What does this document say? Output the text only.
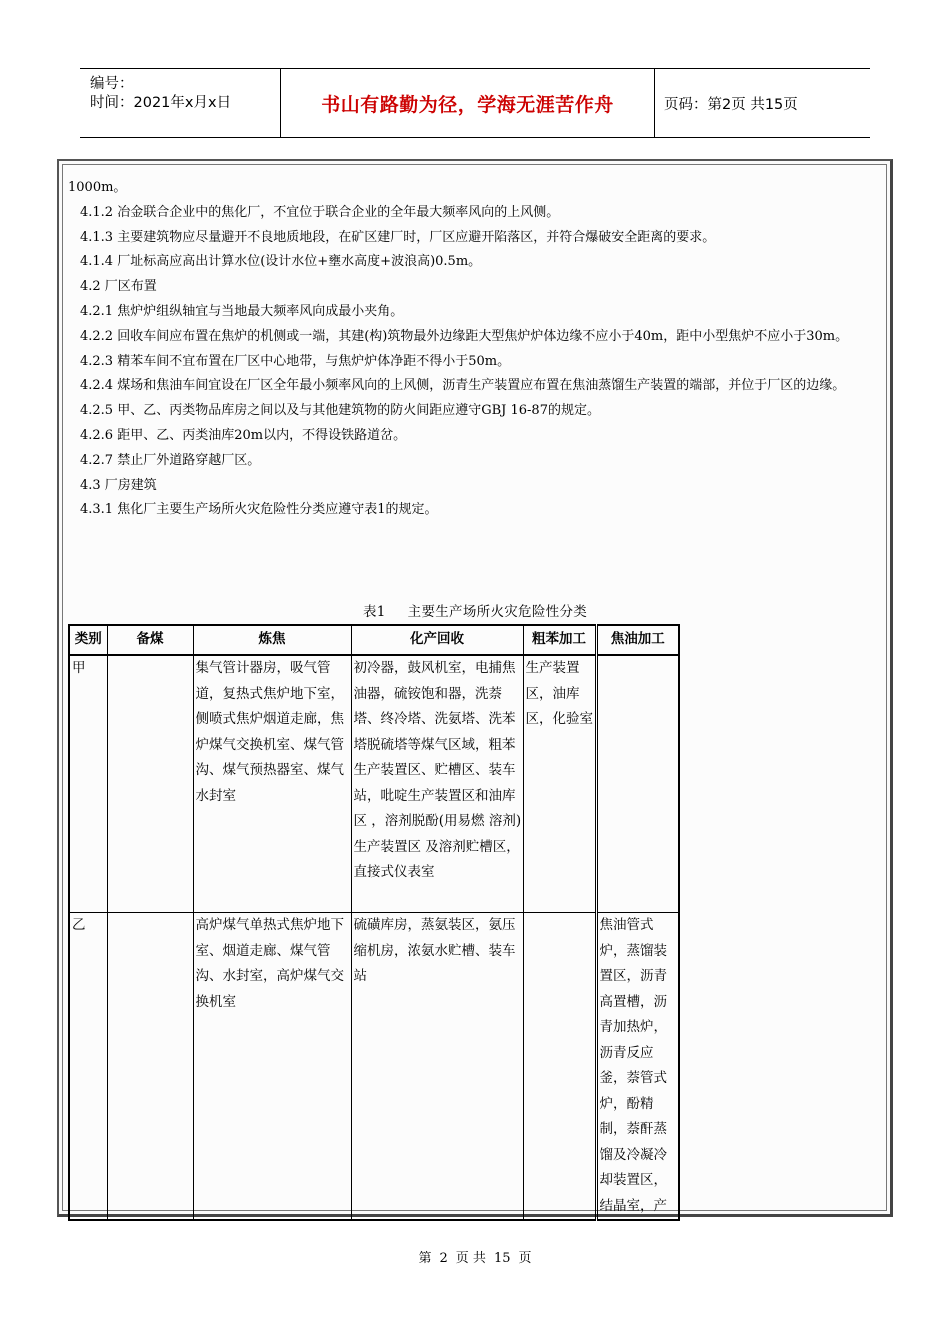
编号：
时间：2021年x月x日	书山有路勤为径，学海无涯苦作舟	页码：第2页 共15页

1000m。

4.1.2 冶金联合企业中的焦化厂，不宜位于联合企业的全年最大频率风向的上风侧。

4.1.3 主要建筑物应尽量避开不良地质地段，在矿区建厂时，厂区应避开陷落区，并符合爆破安全距离的要求。

4.1.4 厂址标高应高出计算水位(设计水位+壅水高度+波浪高)0.5m。

4.2 厂区布置

4.2.1 焦炉炉组纵轴宜与当地最大频率风向成最小夹角。

4.2.2 回收车间应布置在焦炉的机侧或一端，其建(构)筑物最外边缘距大型焦炉炉体边缘不应小于40m，距中小型焦炉不应小于30m。

4.2.3 精苯车间不宜布置在厂区中心地带，与焦炉炉体净距不得小于50m。

4.2.4 煤场和焦油车间宜设在厂区全年最小频率风向的上风侧，沥青生产装置应布置在焦油蒸馏生产装置的端部，并位于厂区的边缘。

4.2.5 甲、乙、丙类物品库房之间以及与其他建筑物的防火间距应遵守GBJ 16-87的规定。

4.2.6 距甲、乙、丙类油库20m以内，不得设铁路道岔。

4.2.7 禁止厂外道路穿越厂区。

4.3 厂房建筑

4.3.1 焦化厂主要生产场所火灾危险性分类应遵守表1的规定。

表1 主要生产场所火灾危险性分类
类别	备煤	炼焦	化产回收	粗苯加工	焦油加工
甲		集气管计器房，吸气管道，复热式焦炉地下室，侧喷式焦炉烟道走廊，焦炉煤气交换机室、煤气管沟、煤气预热器室、煤气水封室	初冷器，鼓风机室，电捕焦油器，硫铵饱和器，洗萘塔、终冷塔、洗氨塔、洗苯塔脱硫塔等煤气区域，粗苯生产装置区、贮槽区、装车站，吡啶生产装置区和油库区 ，溶剂脱酚(用易燃 溶剂)生产装置区 及溶剂贮槽区，直接式仪表室	生产装置区，油库区，化验室	
乙		高炉煤气单热式焦炉地下室、烟道走廊、煤气管沟、水封室，高炉煤气交换机室	硫磺库房，蒸氨装区，氨压缩机房，浓氨水贮槽、装车站		焦油管式炉，蒸馏装置区，沥青高置槽，沥青加热炉，沥青反应釜，萘管式炉，酚精制，萘酐蒸馏及冷凝冷却装置区，结晶室，产
第 2 页 共 15 页
